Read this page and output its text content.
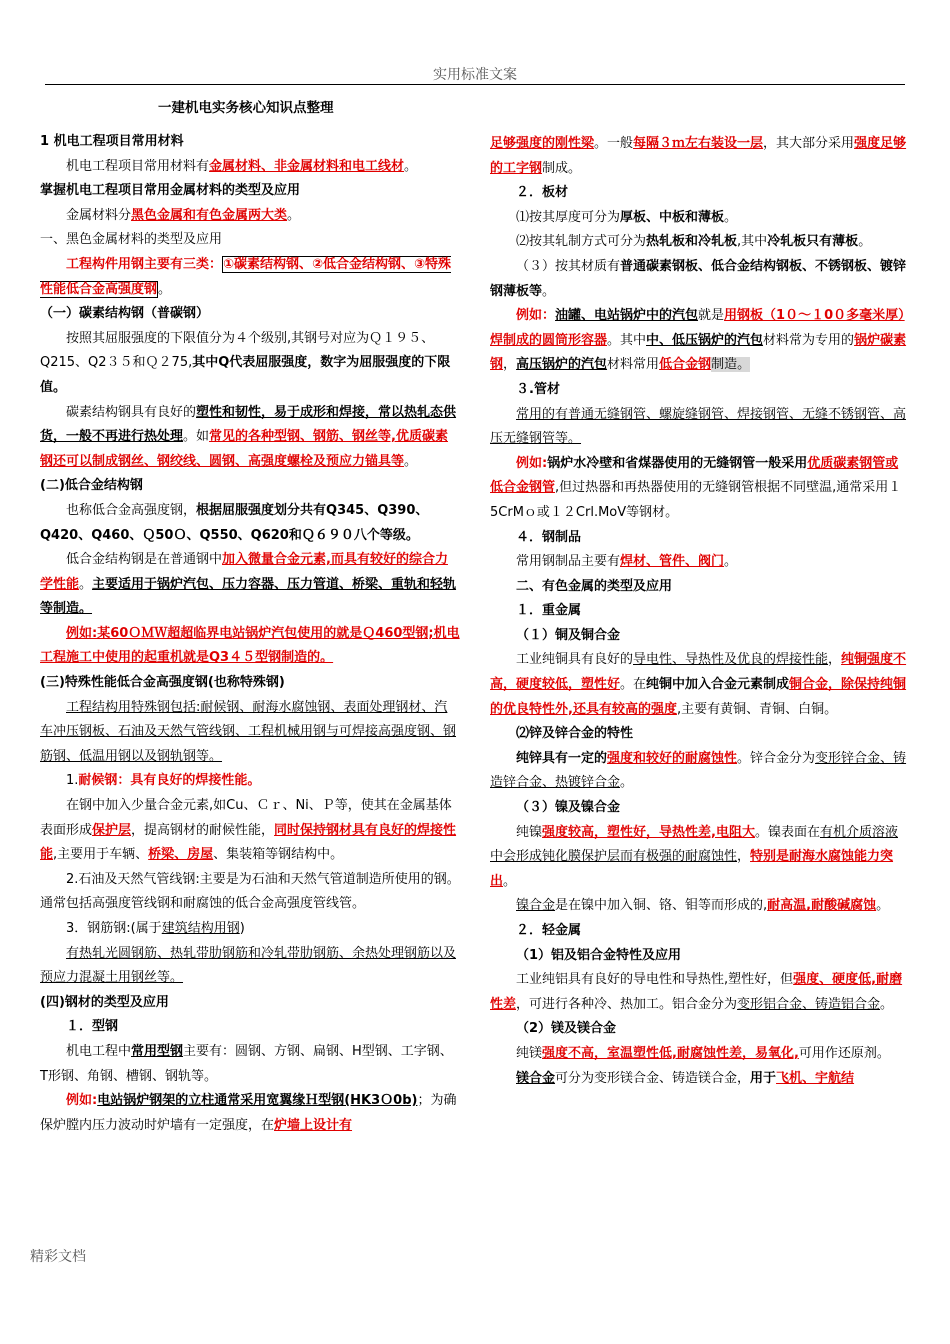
实用标准文案
一建机电实务核心知识点整理

1 机电工程项目常用材料

机电工程项目常用材料有金属材料、非金属材料和电工线材。

掌握机电工程项目常用金属材料的类型及应用

金属材料分黑色金属和有色金属两大类。

一、黑色金属材料的类型及应用

工程构件用钢主要有三类：①碳素结构钢、②低合金结构钢、③特殊性能低合金高强度钢。

（一）碳素结构钢（普碳钢）

按照其屈服强度的下限值分为４个级别,其钢号对应为Ｑ１９５、Q215、Q2３５和Ｑ２75,其中Q代表屈服强度，数字为屈服强度的下限值。

碳素结构钢具有良好的塑性和韧性，易于成形和焊接，常以热轧态供货，一般不再进行热处理。如常见的各种型钢、钢筋、钢丝等,优质碳素钢还可以制成钢丝、钢绞线、圆钢、高强度螺栓及预应力锚具等。

(二)低合金结构钢

也称低合金高强度钢，根据屈服强度划分共有Q345、Q390、Q420、Q460、Ｑ50Ｏ、Q550、Q620和Ｑ６９０八个等级。

低合金结构钢是在普通钢中加入微量合金元素,而具有较好的综合力学性能。主要适用于锅炉汽包、压力容器、压力管道、桥梁、重轨和轻轨等制造。

例如:某60ＯＭＷ超超临界电站锅炉汽包使用的就是Ｑ460型钢;机电工程施工中使用的起重机就是Q3４５型钢制造的。

(三)特殊性能低合金高强度钢(也称特殊钢)

工程结构用特殊钢包括:耐候钢、耐海水腐蚀钢、表面处理钢材、汽车冲压钢板、石油及天然气管线钢、工程机械用钢与可焊接高强度钢、钢筋钢、低温用钢以及钢轨钢等。

1.耐候钢：具有良好的焊接性能。

在钢中加入少量合金元素,如Cu、Ｃｒ、Ni、Ｐ等，使其在金属基体表面形成保护层，提高钢材的耐候性能，同时保持钢材具有良好的焊接性能,主要用于车辆、桥梁、房屋、集装箱等钢结构中。

2.石油及天然气管线钢:主要是为石油和天然气管道制造所使用的钢。通常包括高强度管线钢和耐腐蚀的低合金高强度管线管。

3．钢筋钢:(属于建筑结构用钢)

有热轧光圆钢筋、热轧带肋钢筋和冷轧带肋钢筋、余热处理钢筋以及预应力混凝土用钢丝等。

(四)钢材的类型及应用

１．型钢

机电工程中常用型钢主要有：圆钢、方钢、扁钢、H型钢、工字钢、T形钢、角钢、槽钢、钢轨等。

例如:电站锅炉钢架的立柱通常采用宽翼缘Ｈ型钢(HK3Ｏ0b)；为确保炉膛内压力波动时炉墙有一定强度，在炉墙上设计有

足够强度的刚性梁。一般每隔３ｍ左右装设一层，其大部分采用强度足够的工字钢制成。

２．板材

⑴按其厚度可分为厚板、中板和薄板。

⑵按其轧制方式可分为热轧板和冷轧板,其中冷轧板只有薄板。

（３）按其材质有普通碳素钢板、低合金结构钢板、不锈钢板、镀锌钢薄板等。

例如：油罐、电站锅炉中的汽包就是用钢板（1０～１0０多毫米厚）焊制成的圆筒形容器。其中中、低压锅炉的汽包材料常为专用的锅炉碳素钢，高压锅炉的汽包材料常用低合金钢制造。

３.管材

常用的有普通无缝钢管、螺旋缝钢管、焊接钢管、无缝不锈钢管、高压无缝钢管等。

例如:锅炉水冷壁和省煤器使用的无缝钢管一般采用优质碳素钢管或低合金钢管,但过热器和再热器使用的无缝钢管根据不同壁温,通常采用１ 5CrMｏ或１２Crl.MoV等钢材。

４．钢制品

常用钢制品主要有焊材、管件、阀门。

二、有色金属的类型及应用

１．重金属

（１）铜及铜合金

工业纯铜具有良好的导电性、导热性及优良的焊接性能，纯铜强度不高，硬度较低，塑性好。在纯铜中加入合金元素制成铜合金，除保持纯铜的优良特性外,还具有较高的强度,主要有黄铜、青铜、白铜。

⑵锌及锌合金的特性

纯锌具有一定的强度和较好的耐腐蚀性。锌合金分为变形锌合金、铸造锌合金、热镀锌合金。

（３）镍及镍合金

纯镍强度较高，塑性好，导热性差,电阻大。镍表面在有机介质溶液中会形成钝化膜保护层而有极强的耐腐蚀性，特别是耐海水腐蚀能力突出。

镍合金是在镍中加入铜、铬、钼等而形成的,耐高温,耐酸碱腐蚀。

２．轻金属

（1）铝及铝合金特性及应用

工业纯铝具有良好的导电性和导热性,塑性好，但强度、硬度低,耐磨性差，可进行各种冷、热加工。铝合金分为变形铝合金、铸造铝合金。

（2）镁及镁合金

纯镁强度不高，室温塑性低,耐腐蚀性差，易氧化,可用作还原剂。

镁合金可分为变形镁合金、铸造镁合金，用于飞机、宇航结

精彩文档
